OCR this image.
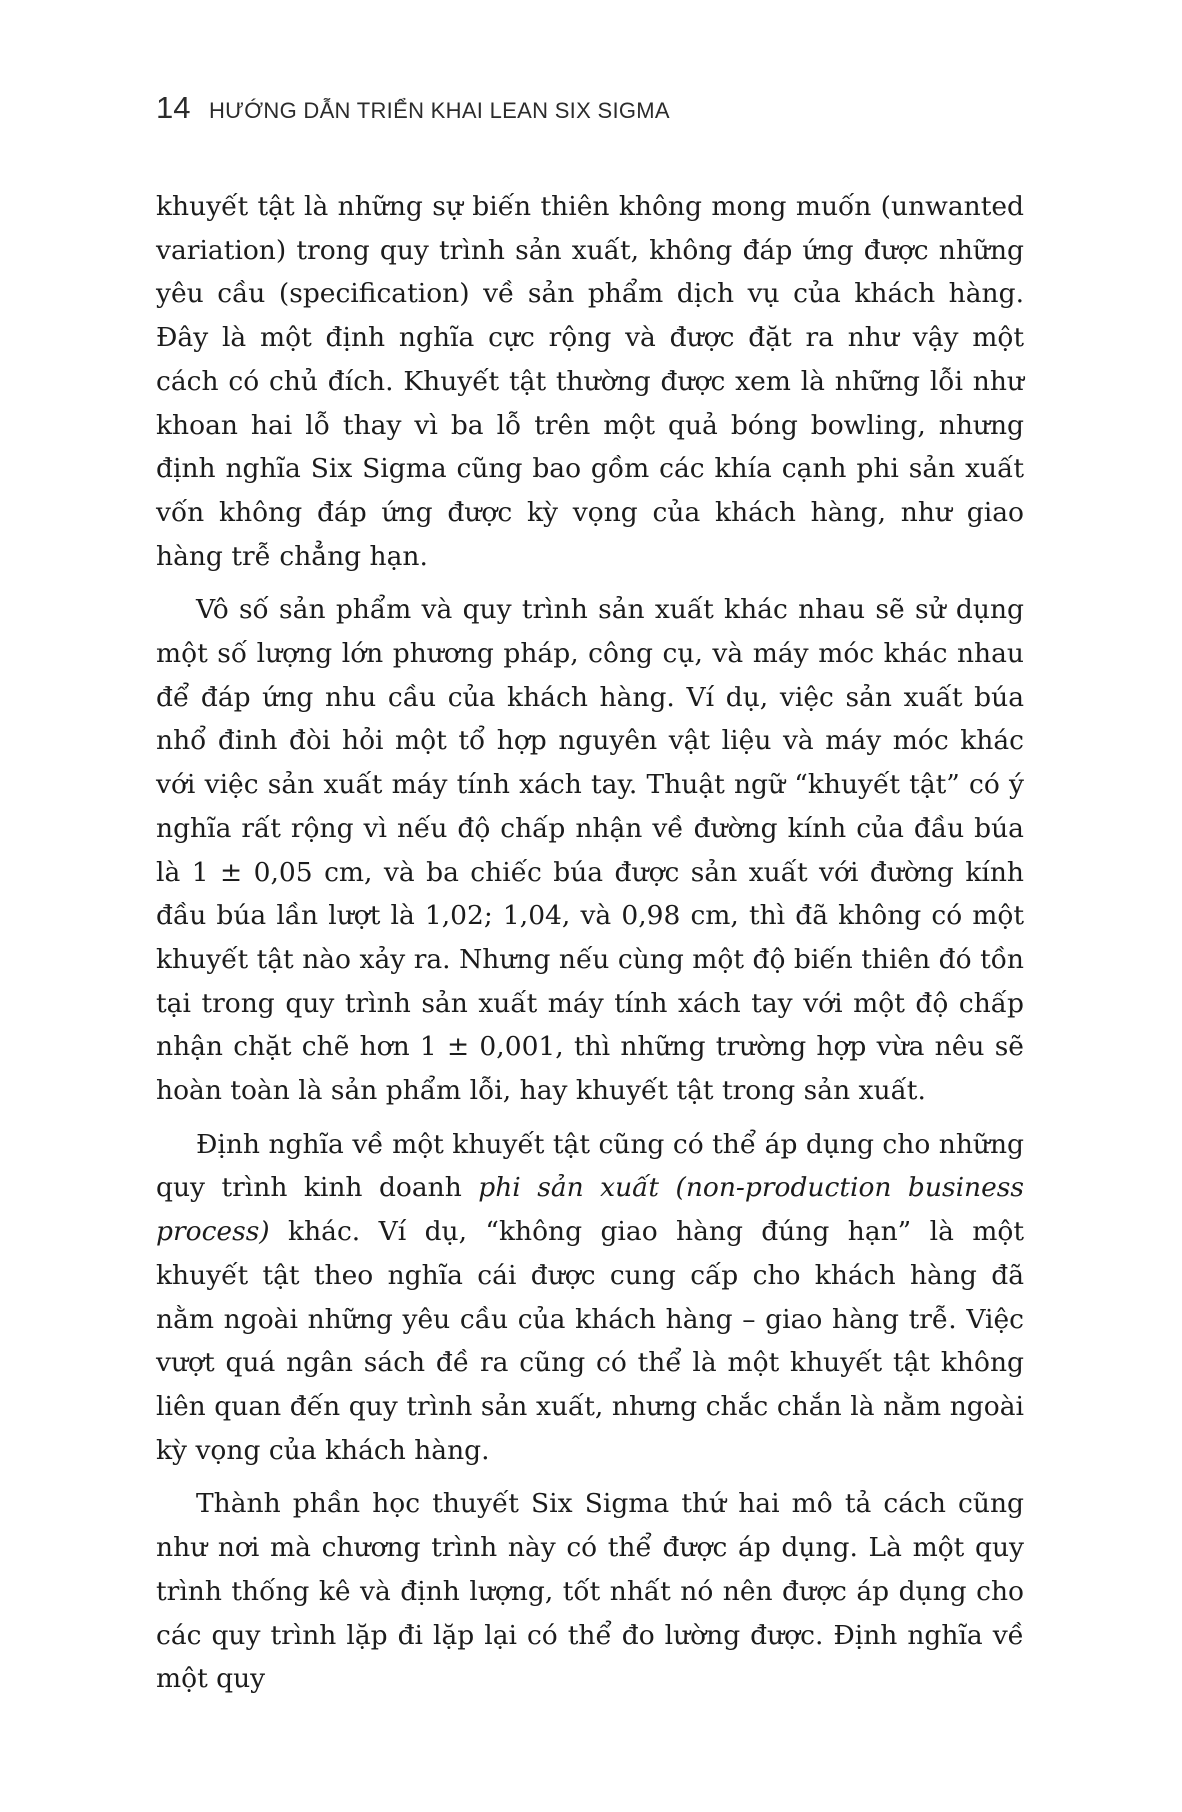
14 HƯỚNG DẪN TRIỂN KHAI LEAN SIX SIGMA

khuyết tật là những sự biến thiên không mong muốn (unwanted variation) trong quy trình sản xuất, không đáp ứng được những yêu cầu (specification) về sản phẩm dịch vụ của khách hàng. Đây là một định nghĩa cực rộng và được đặt ra như vậy một cách có chủ đích. Khuyết tật thường được xem là những lỗi như khoan hai lỗ thay vì ba lỗ trên một quả bóng bowling, nhưng định nghĩa Six Sigma cũng bao gồm các khía cạnh phi sản xuất vốn không đáp ứng được kỳ vọng của khách hàng, như giao hàng trễ chẳng hạn.

Vô số sản phẩm và quy trình sản xuất khác nhau sẽ sử dụng một số lượng lớn phương pháp, công cụ, và máy móc khác nhau để đáp ứng nhu cầu của khách hàng. Ví dụ, việc sản xuất búa nhổ đinh đòi hỏi một tổ hợp nguyên vật liệu và máy móc khác với việc sản xuất máy tính xách tay. Thuật ngữ “khuyết tật” có ý nghĩa rất rộng vì nếu độ chấp nhận về đường kính của đầu búa là 1 ± 0,05 cm, và ba chiếc búa được sản xuất với đường kính đầu búa lần lượt là 1,02; 1,04, và 0,98 cm, thì đã không có một khuyết tật nào xảy ra. Nhưng nếu cùng một độ biến thiên đó tồn tại trong quy trình sản xuất máy tính xách tay với một độ chấp nhận chặt chẽ hơn 1 ± 0,001, thì những trường hợp vừa nêu sẽ hoàn toàn là sản phẩm lỗi, hay khuyết tật trong sản xuất.

Định nghĩa về một khuyết tật cũng có thể áp dụng cho những quy trình kinh doanh phi sản xuất (non-production business process) khác. Ví dụ, “không giao hàng đúng hạn” là một khuyết tật theo nghĩa cái được cung cấp cho khách hàng đã nằm ngoài những yêu cầu của khách hàng – giao hàng trễ. Việc vượt quá ngân sách đề ra cũng có thể là một khuyết tật không liên quan đến quy trình sản xuất, nhưng chắc chắn là nằm ngoài kỳ vọng của khách hàng.

Thành phần học thuyết Six Sigma thứ hai mô tả cách cũng như nơi mà chương trình này có thể được áp dụng. Là một quy trình thống kê và định lượng, tốt nhất nó nên được áp dụng cho các quy trình lặp đi lặp lại có thể đo lường được. Định nghĩa về một quy
